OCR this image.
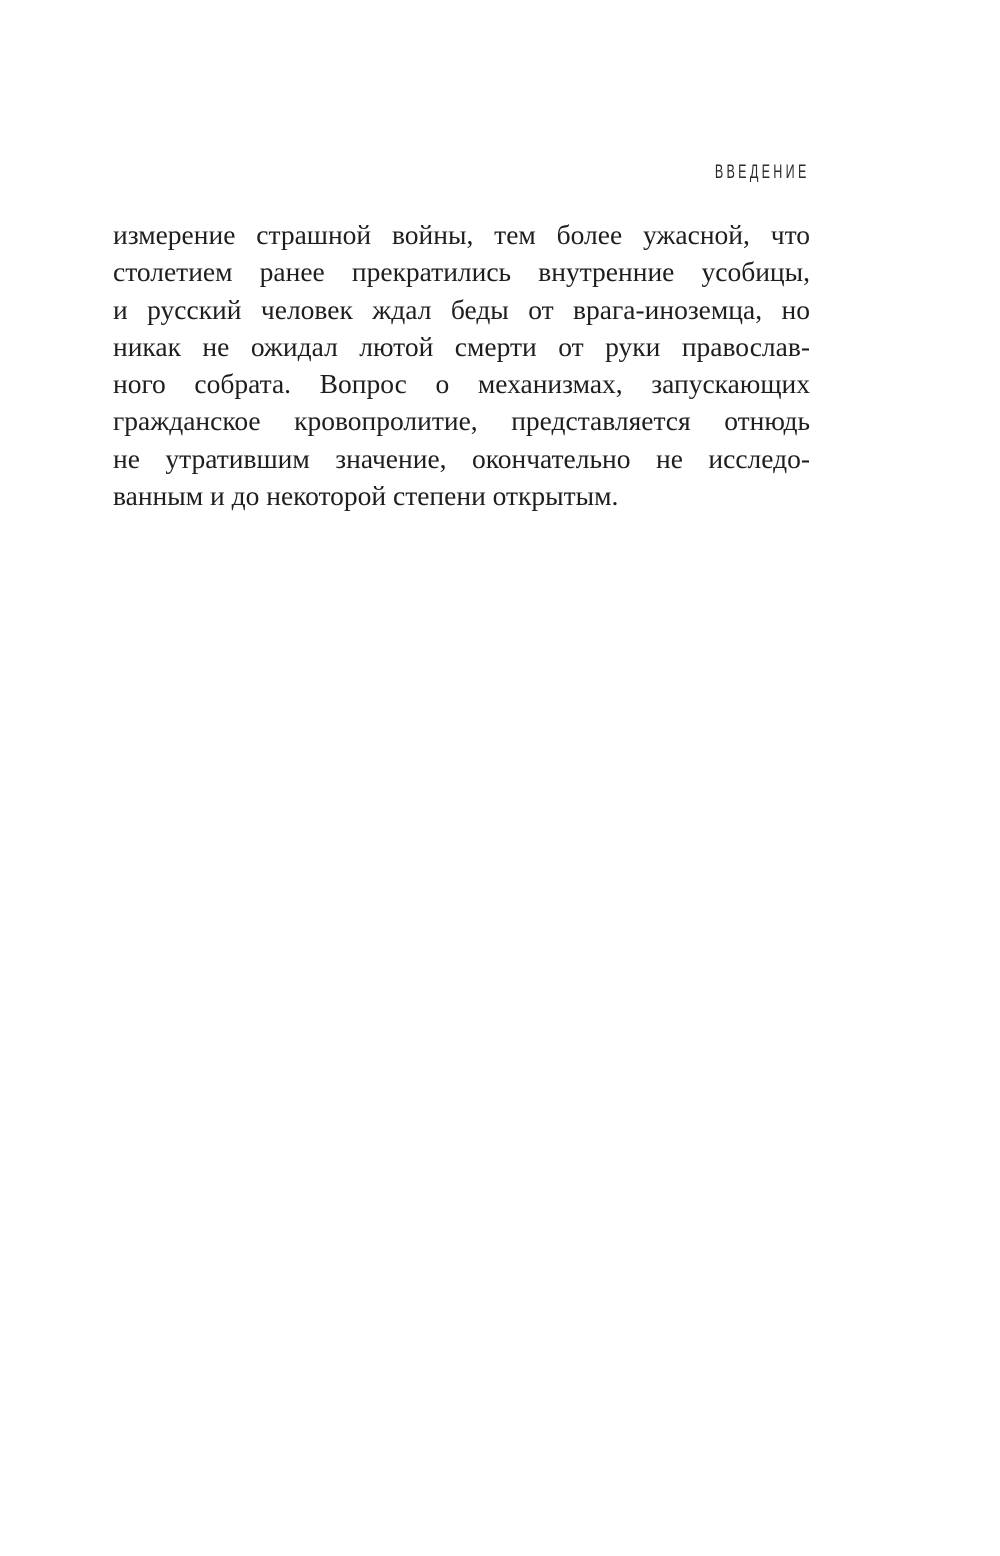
ВВЕДЕНИЕ
измерение страшной войны, тем более ужасной, что
столетием ранее прекратились внутренние усобицы,
и русский человек ждал беды от врага-иноземца, но
никак не ожидал лютой смерти от руки православ-
ного собрата. Вопрос о механизмах, запускающих
гражданское кровопролитие, представляется отнюдь
не утратившим значение, окончательно не исследо-
ванным и до некоторой степени открытым.
